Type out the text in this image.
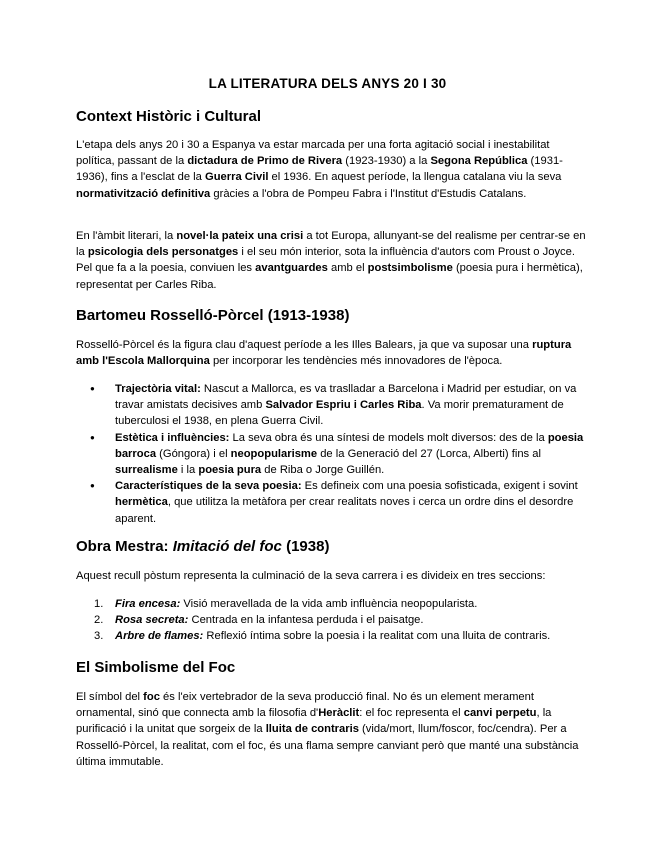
LA LITERATURA DELS ANYS 20 I 30
Context Històric i Cultural

L'etapa dels anys 20 i 30 a Espanya va estar marcada per una forta agitació social i inestabilitat política, passant de la dictadura de Primo de Rivera (1923-1930) a la Segona República (1931-1936), fins a l'esclat de la Guerra Civil el 1936. En aquest període, la llengua catalana viu la seva normativització definitiva gràcies a l'obra de Pompeu Fabra i l'Institut d'Estudis Catalans.

En l'àmbit literari, la novel·la pateix una crisi a tot Europa, allunyant-se del realisme per centrar-se en la psicologia dels personatges i el seu món interior, sota la influència d'autors com Proust o Joyce. Pel que fa a la poesia, conviuen les avantguardes amb el postsimbolisme (poesia pura i hermètica), representat per Carles Riba.

Bartomeu Rosselló-Pòrcel (1913-1938)

Rosselló-Pòrcel és la figura clau d'aquest període a les Illes Balears, ja que va suposar una ruptura amb l'Escola Mallorquina per incorporar les tendències més innovadores de l'època.

● Trajectòria vital: Nascut a Mallorca, es va traslladar a Barcelona i Madrid per estudiar, on va travar amistats decisives amb Salvador Espriu i Carles Riba. Va morir prematurament de tuberculosi el 1938, en plena Guerra Civil.
● Estètica i influències: La seva obra és una síntesi de models molt diversos: des de la poesia barroca (Góngora) i el neopopularisme de la Generació del 27 (Lorca, Alberti) fins al surrealisme i la poesia pura de Riba o Jorge Guillén.
● Característiques de la seva poesia: Es defineix com una poesia sofisticada, exigent i sovint hermètica, que utilitza la metàfora per crear realitats noves i cerca un ordre dins el desordre aparent.
Obra Mestra: Imitació del foc (1938)

Aquest recull pòstum representa la culminació de la seva carrera i es divideix en tres seccions:

1. Fira encesa: Visió meravellada de la vida amb influència neopopularista.
2. Rosa secreta: Centrada en la infantesa perduda i el paisatge.
3. Arbre de flames: Reflexió íntima sobre la poesia i la realitat com una lluita de contraris.
El Simbolisme del Foc

El símbol del foc és l'eix vertebrador de la seva producció final. No és un element merament ornamental, sinó que connecta amb la filosofia d'Heràclit: el foc representa el canvi perpetu, la purificació i la unitat que sorgeix de la lluita de contraris (vida/mort, llum/foscor, foc/cendra). Per a Rosselló-Pòrcel, la realitat, com el foc, és una flama sempre canviant però que manté una substància última immutable.
